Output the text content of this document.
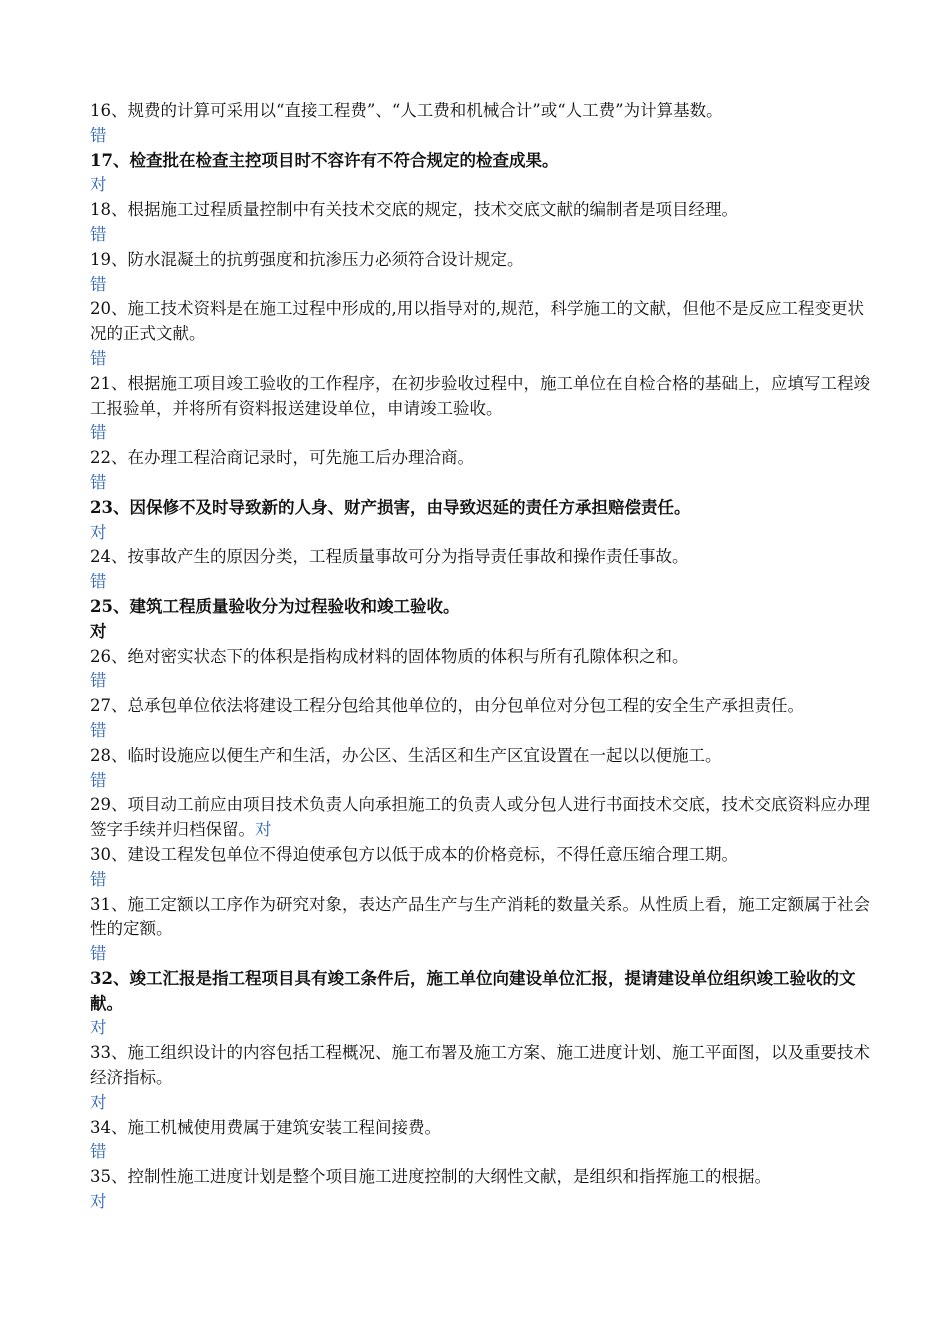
16、规费的计算可采用以“直接工程费”、“人工费和机械合计”或“人工费”为计算基数。

错

17、检查批在检查主控项目时不容许有不符合规定的检查成果。

对

18、根据施工过程质量控制中有关技术交底的规定，技术交底文献的编制者是项目经理。

错

19、防水混凝土的抗剪强度和抗渗压力必须符合设计规定。

错

20、施工技术资料是在施工过程中形成的,用以指导对的,规范，科学施工的文献，但他不是反应工程变更状况的正式文献。

错

21、根据施工项目竣工验收的工作程序，在初步验收过程中，施工单位在自检合格的基础上，应填写工程竣工报验单，并将所有资料报送建设单位，申请竣工验收。

错

22、在办理工程洽商记录时，可先施工后办理洽商。

错

23、因保修不及时导致新的人身、财产损害，由导致迟延的责任方承担赔偿责任。

对

24、按事故产生的原因分类，工程质量事故可分为指导责任事故和操作责任事故。

错

25、建筑工程质量验收分为过程验收和竣工验收。

对

26、绝对密实状态下的体积是指构成材料的固体物质的体积与所有孔隙体积之和。

错

27、总承包单位依法将建设工程分包给其他单位的，由分包单位对分包工程的安全生产承担责任。

错

28、临时设施应以便生产和生活，办公区、生活区和生产区宜设置在一起以以便施工。

错

29、项目动工前应由项目技术负责人向承担施工的负责人或分包人进行书面技术交底，技术交底资料应办理签字手续并归档保留。对

30、建设工程发包单位不得迫使承包方以低于成本的价格竞标，不得任意压缩合理工期。

错

31、施工定额以工序作为研究对象，表达产品生产与生产消耗的数量关系。从性质上看，施工定额属于社会性的定额。

错

32、竣工汇报是指工程项目具有竣工条件后，施工单位向建设单位汇报，提请建设单位组织竣工验收的文献。

对

33、施工组织设计的内容包括工程概况、施工布署及施工方案、施工进度计划、施工平面图，以及重要技术经济指标。

对

34、施工机械使用费属于建筑安装工程间接费。

错

35、控制性施工进度计划是整个项目施工进度控制的大纲性文献，是组织和指挥施工的根据。

对
